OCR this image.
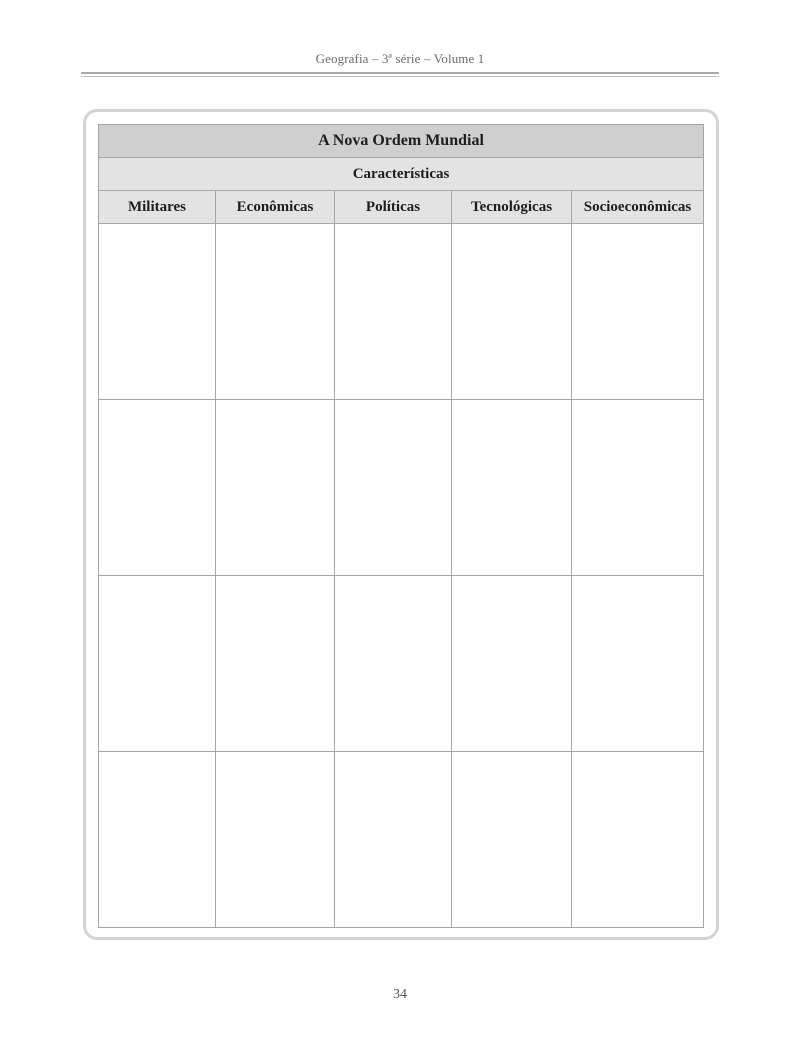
Geografia – 3ª série – Volume 1
A Nova Ordem Mundial				
Características				
Militares	Econômicas	Políticas	Tecnológicas	Socioeconômicas

34
